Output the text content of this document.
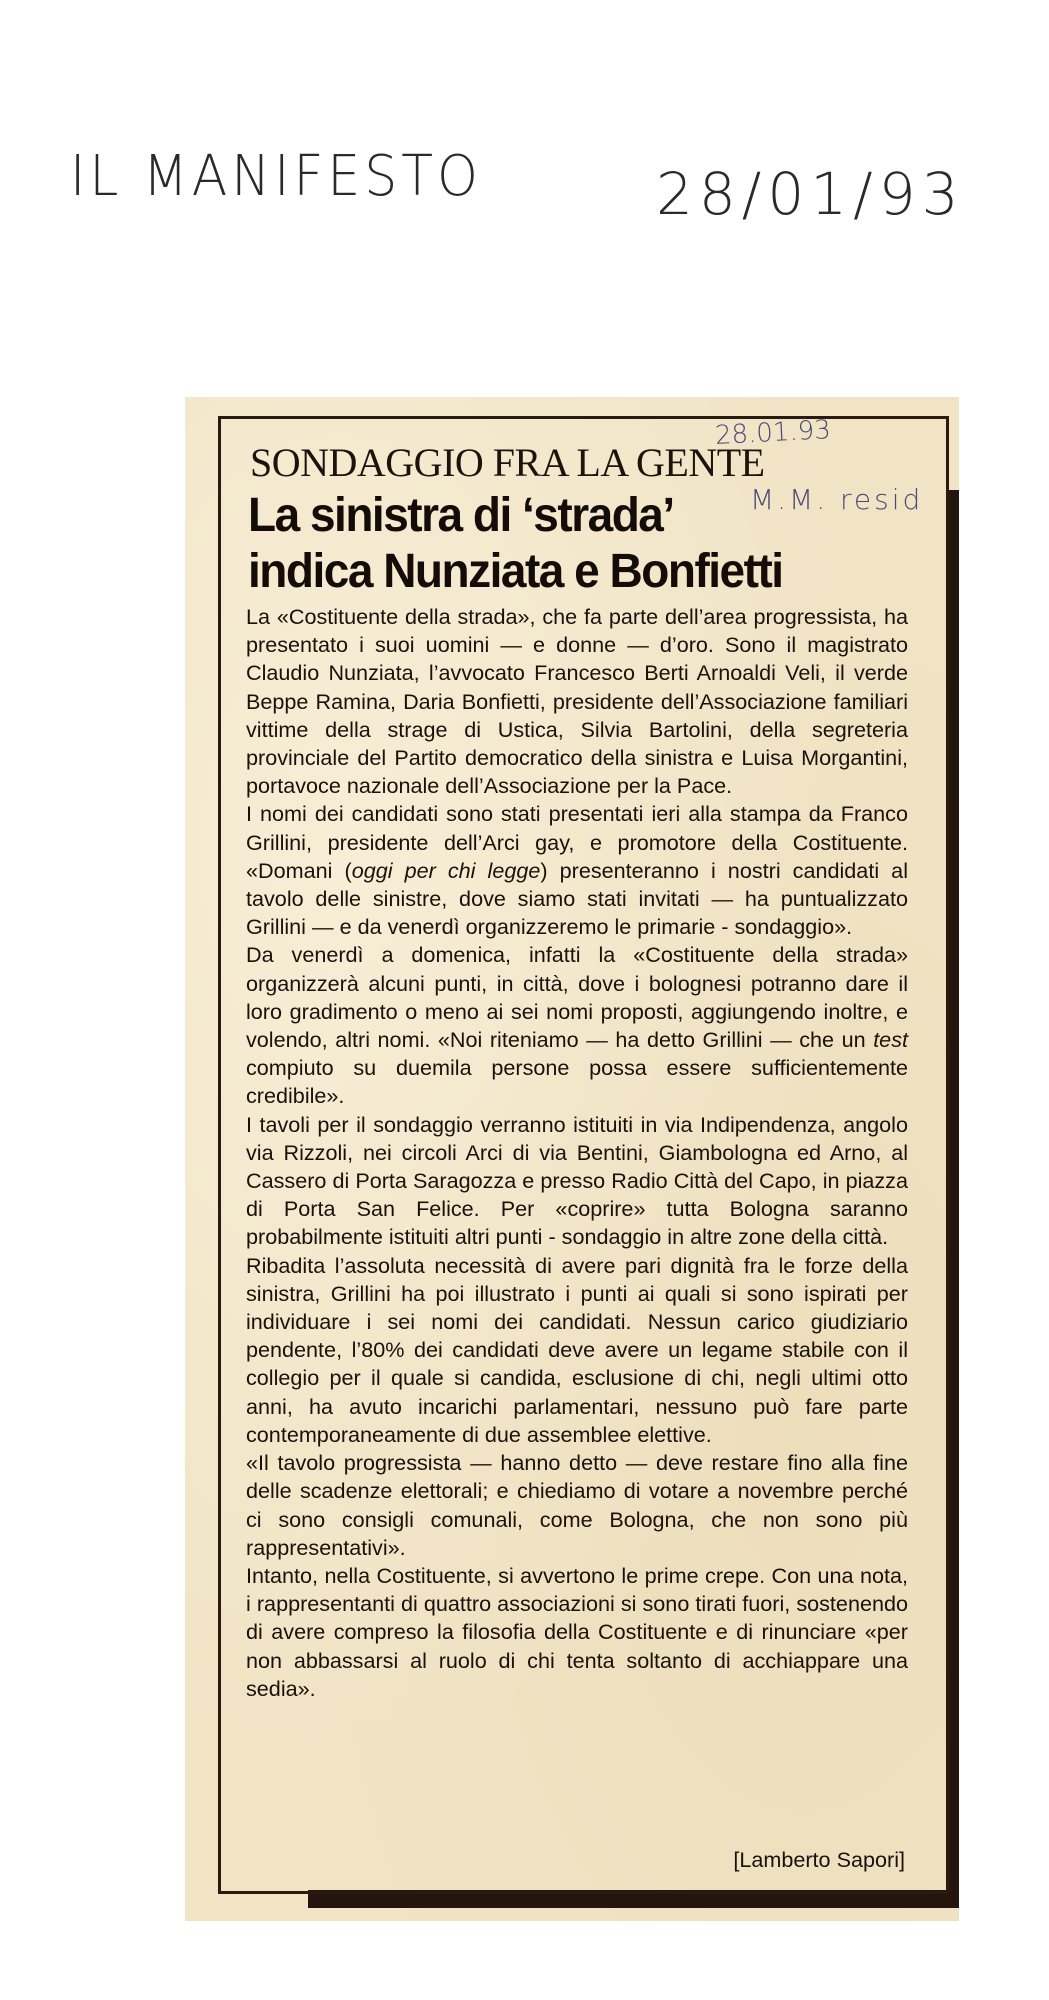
IL MANIFESTO	28/01/93
SONDAGGIO FRA LA GENTE
La sinistra di ‘strada’
indica Nunziata e Bonfietti
28.01.93
M.M. resid

La «Costituente della strada», che fa parte dell’area progressista, ha presentato i suoi uomini — e donne — d’oro. Sono il magistrato Claudio Nunziata, l’avvocato Francesco Berti Arnoaldi Veli, il verde Beppe Ramina, Daria Bonfietti, presidente dell’Associazione familiari vittime della strage di Ustica, Silvia Bartolini, della segreteria provinciale del Partito democratico della sinistra e Luisa Morgantini, portavoce nazionale dell’Associazione per la Pace.

I nomi dei candidati sono stati presentati ieri alla stampa da Franco Grillini, presidente dell’Arci gay, e promotore della Costituente. «Domani (oggi per chi legge) presenteranno i nostri candidati al tavolo delle sinistre, dove siamo stati invitati — ha puntualizzato Grillini — e da venerdì organizzeremo le primarie - sondaggio».

Da venerdì a domenica, infatti la «Costituente della strada» organizzerà alcuni punti, in città, dove i bolognesi potranno dare il loro gradimento o meno ai sei nomi proposti, aggiungendo inoltre, e volendo, altri nomi. «Noi riteniamo — ha detto Grillini — che un test compiuto su duemila persone possa essere sufficientemente credibile».

I tavoli per il sondaggio verranno istituiti in via Indipendenza, angolo via Rizzoli, nei circoli Arci di via Bentini, Giambologna ed Arno, al Cassero di Porta Saragozza e presso Radio Città del Capo, in piazza di Porta San Felice. Per «coprire» tutta Bologna saranno probabilmente istituiti altri punti - sondaggio in altre zone della città.

Ribadita l’assoluta necessità di avere pari dignità fra le forze della sinistra, Grillini ha poi illustrato i punti ai quali si sono ispirati per individuare i sei nomi dei candidati. Nessun carico giudiziario pendente, l’80% dei candidati deve avere un legame stabile con il collegio per il quale si candida, esclusione di chi, negli ultimi otto anni, ha avuto incarichi parlamentari, nessuno può fare parte contemporaneamente di due assemblee elettive.

«Il tavolo progressista — hanno detto — deve restare fino alla fine delle scadenze elettorali; e chiediamo di votare a novembre perché ci sono consigli comunali, come Bologna, che non sono più rappresentativi».

Intanto, nella Costituente, si avvertono le prime crepe. Con una nota, i rappresentanti di quattro associazioni si sono tirati fuori, sostenendo di avere compreso la filosofia della Costituente e di rinunciare «per non abbassarsi al ruolo di chi tenta soltanto di acchiappare una sedia».

[Lamberto Sapori]
